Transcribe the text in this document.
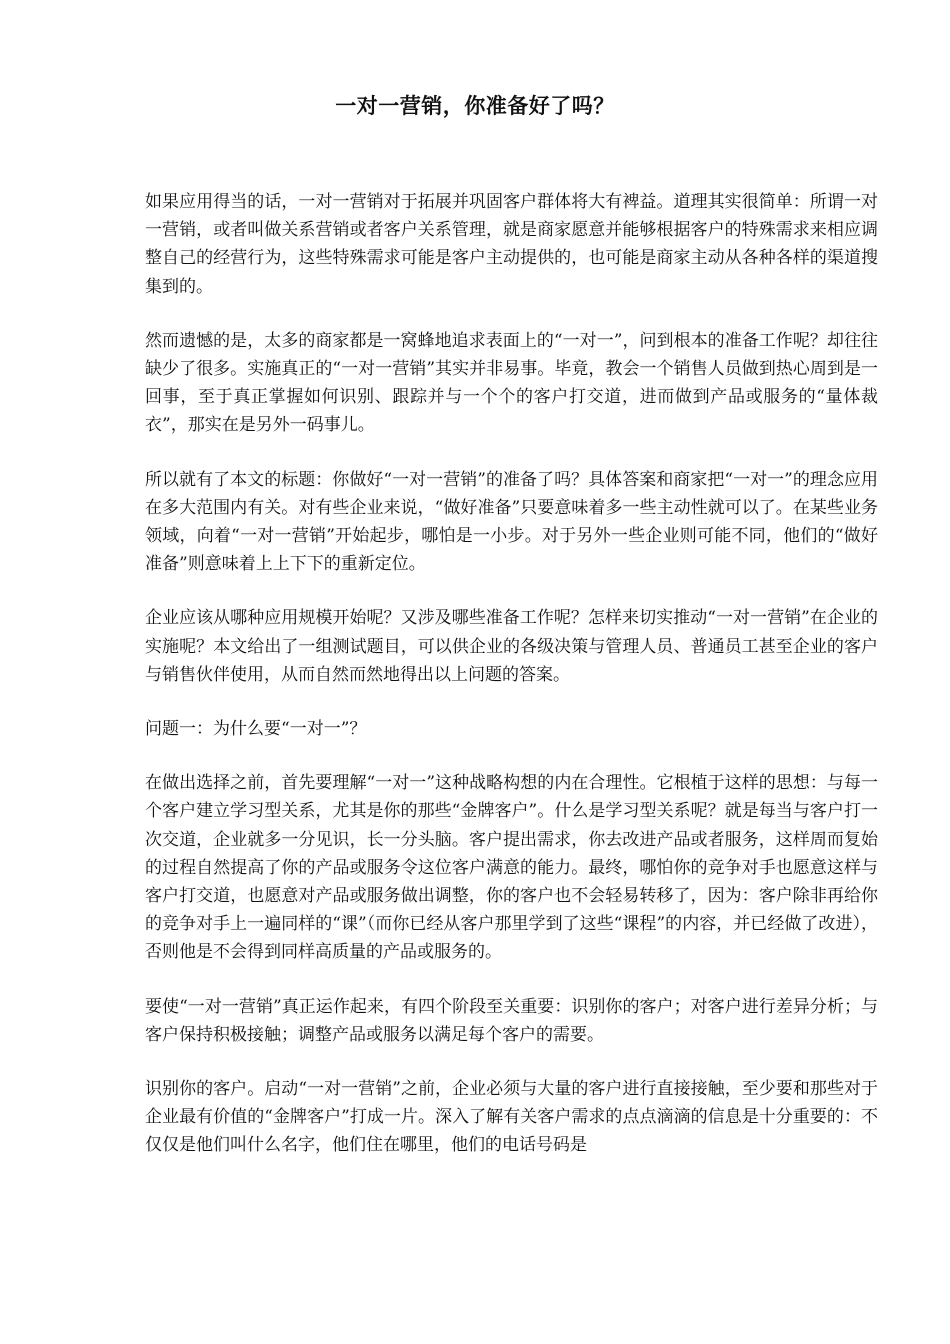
一对一营销，你准备好了吗？

如果应用得当的话，一对一营销对于拓展并巩固客户群体将大有裨益。道理其实很简单：所谓一对一营销，或者叫做关系营销或者客户关系管理，就是商家愿意并能够根据客户的特殊需求来相应调整自己的经营行为，这些特殊需求可能是客户主动提供的，也可能是商家主动从各种各样的渠道搜集到的。

然而遗憾的是，太多的商家都是一窝蜂地追求表面上的“一对一”，问到根本的准备工作呢？却往往缺少了很多。实施真正的“一对一营销”其实并非易事。毕竟，教会一个销售人员做到热心周到是一回事，至于真正掌握如何识别、跟踪并与一个个的客户打交道，进而做到产品或服务的“量体裁衣”，那实在是另外一码事儿。

所以就有了本文的标题：你做好“一对一营销”的准备了吗？具体答案和商家把“一对一”的理念应用在多大范围内有关。对有些企业来说，“做好准备”只要意味着多一些主动性就可以了。在某些业务领域，向着“一对一营销”开始起步，哪怕是一小步。对于另外一些企业则可能不同，他们的“做好准备”则意味着上上下下的重新定位。

企业应该从哪种应用规模开始呢？又涉及哪些准备工作呢？怎样来切实推动“一对一营销”在企业的实施呢？本文给出了一组测试题目，可以供企业的各级决策与管理人员、普通员工甚至企业的客户与销售伙伴使用，从而自然而然地得出以上问题的答案。

问题一：为什么要“一对一”？

在做出选择之前，首先要理解“一对一”这种战略构想的内在合理性。它根植于这样的思想：与每一个客户建立学习型关系，尤其是你的那些“金牌客户”。什么是学习型关系呢？就是每当与客户打一次交道，企业就多一分见识，长一分头脑。客户提出需求，你去改进产品或者服务，这样周而复始的过程自然提高了你的产品或服务令这位客户满意的能力。最终，哪怕你的竞争对手也愿意这样与客户打交道，也愿意对产品或服务做出调整，你的客户也不会轻易转移了，因为：客户除非再给你的竞争对手上一遍同样的“课”（而你已经从客户那里学到了这些“课程”的内容，并已经做了改进），否则他是不会得到同样高质量的产品或服务的。

要使“一对一营销”真正运作起来，有四个阶段至关重要：识别你的客户；对客户进行差异分析；与客户保持积极接触；调整产品或服务以满足每个客户的需要。

识别你的客户。启动“一对一营销”之前，企业必须与大量的客户进行直接接触，至少要和那些对于企业最有价值的“金牌客户”打成一片。深入了解有关客户需求的点点滴滴的信息是十分重要的：不仅仅是他们叫什么名字，他们住在哪里，他们的电话号码是
